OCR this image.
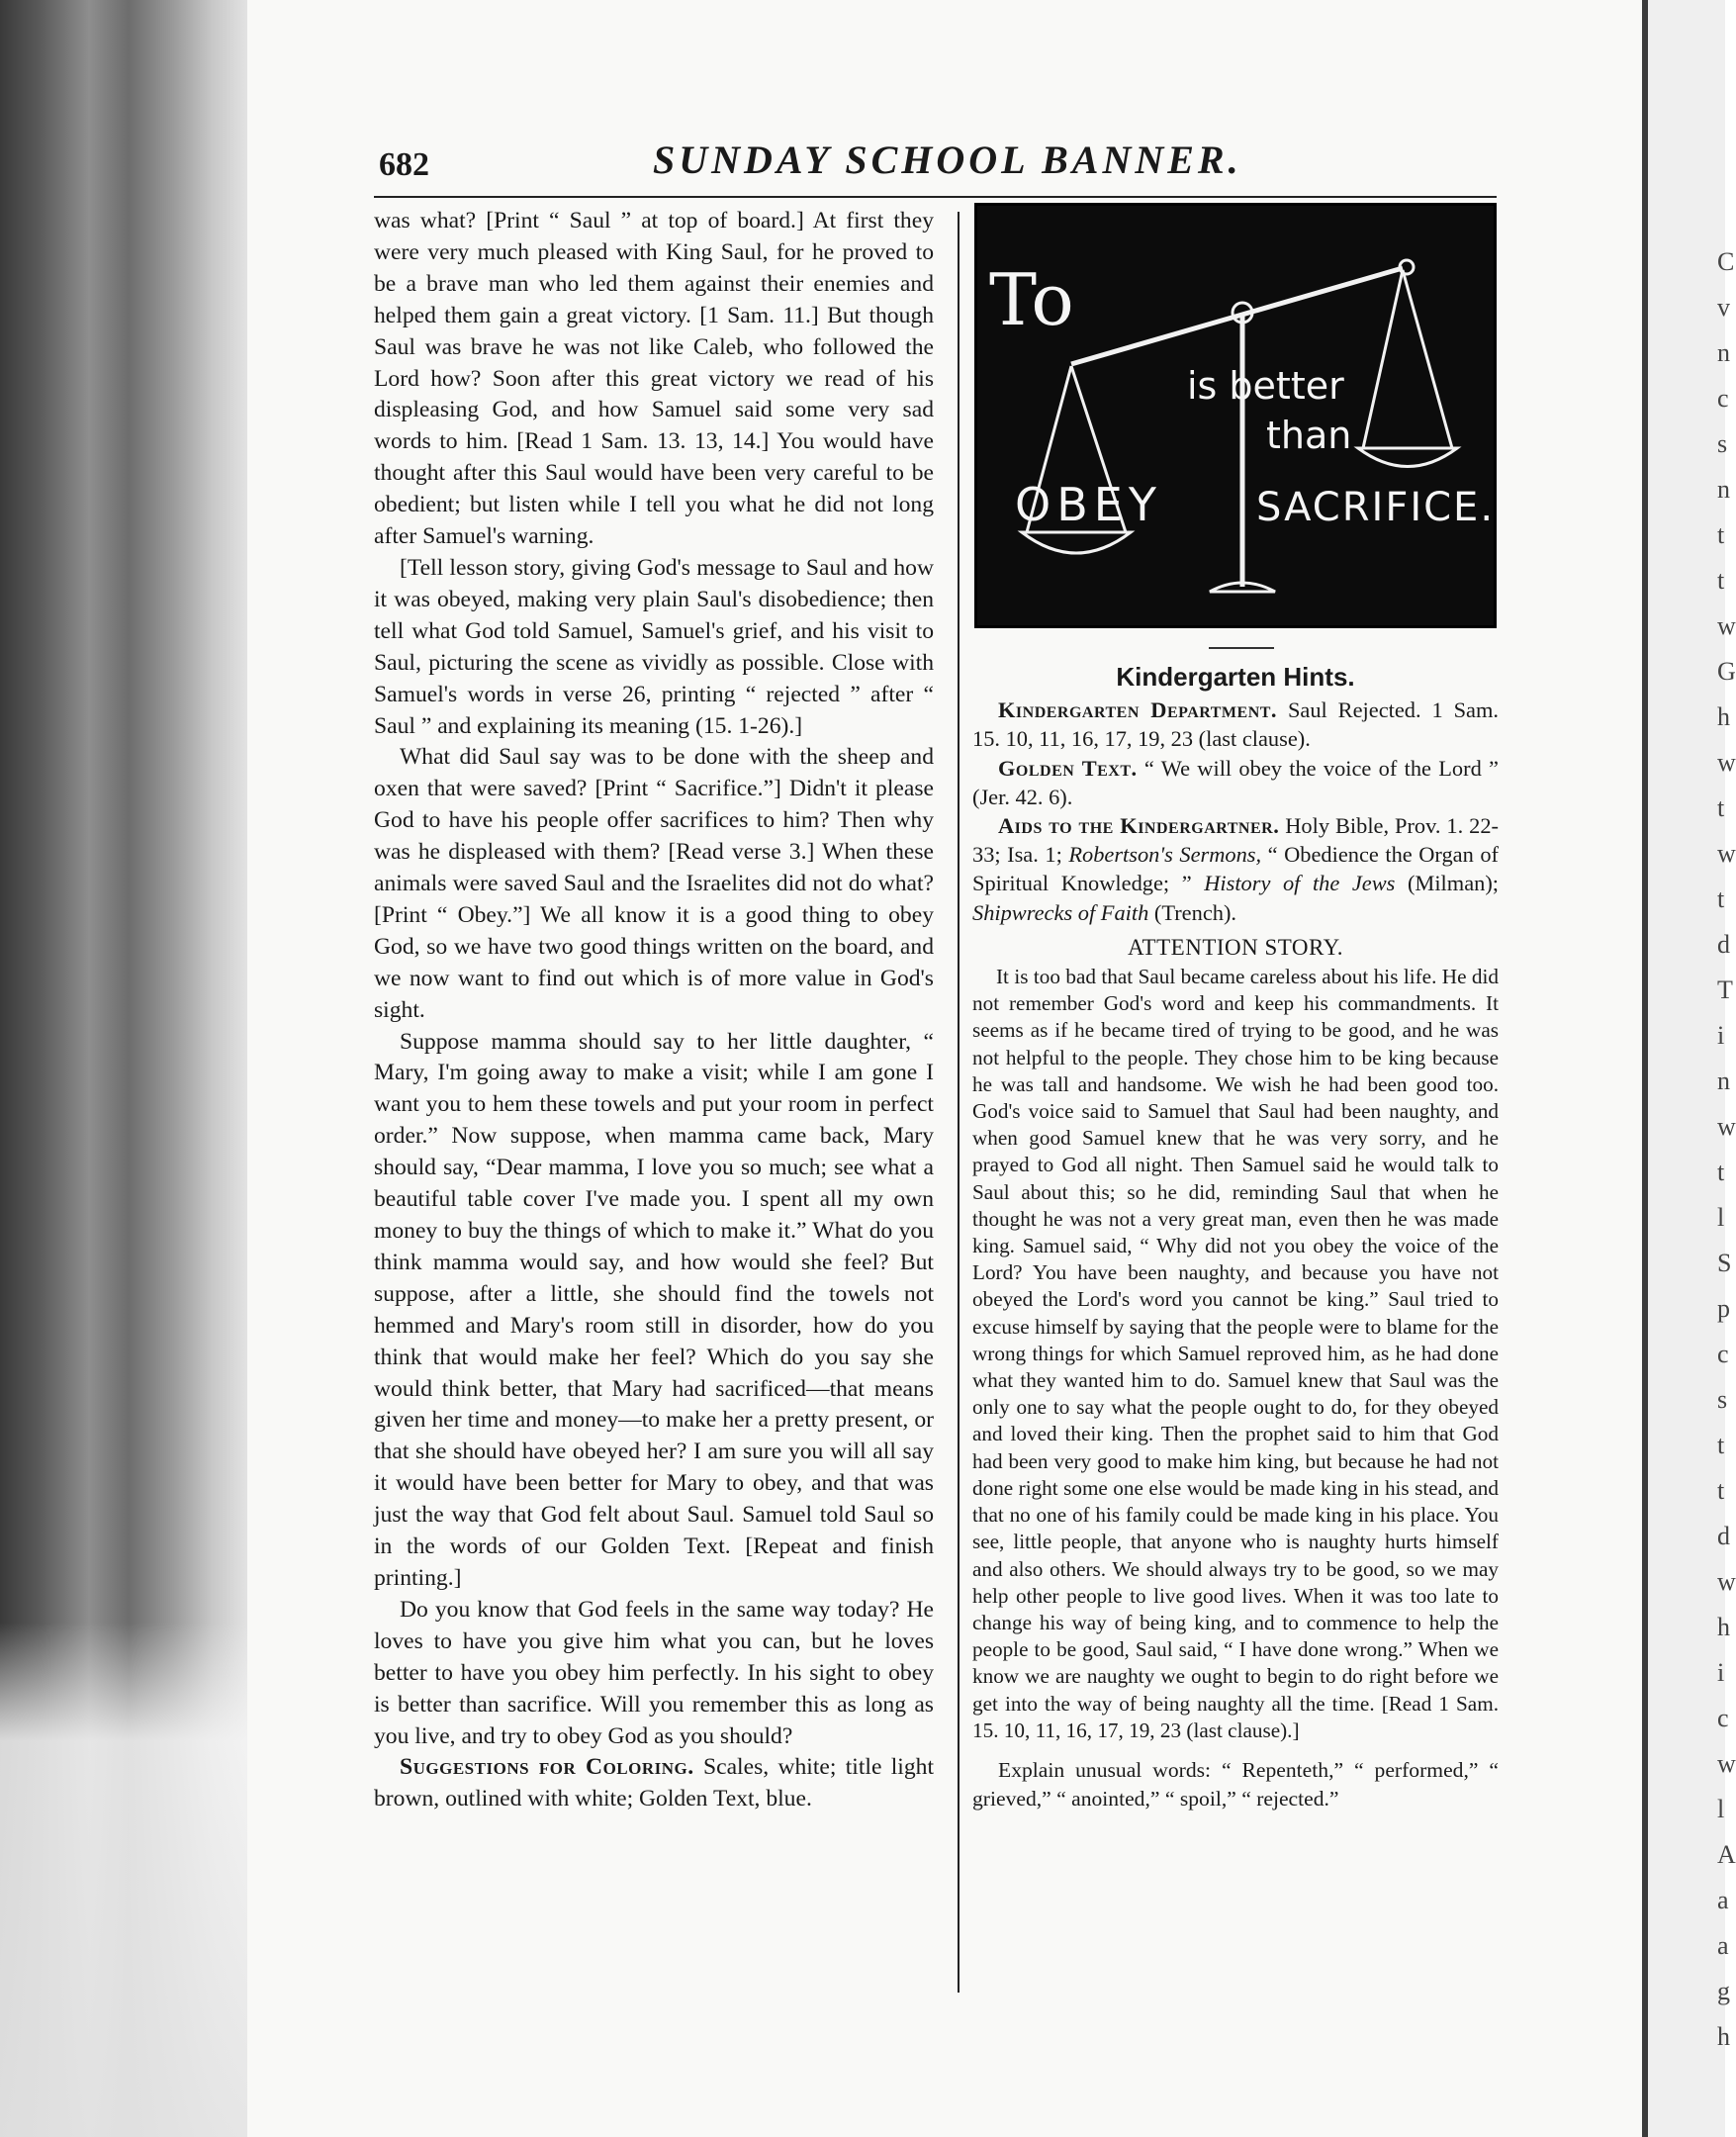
C
v
n
c
s
n
t
t
w
G
h
w
t
w
t
d
T
i
n
w
t
l
S
p
c
s
t
t
d
w
h
i
c
w
l
A
a
a
g
h
682	SUNDAY SCHOOL BANNER.

was what? [Print “ Saul ” at top of board.] At first they were very much pleased with King Saul, for he proved to be a brave man who led them against their enemies and helped them gain a great victory. [1 Sam. 11.] But though Saul was brave he was not like Caleb, who followed the Lord how? Soon after this great victory we read of his displeasing God, and how Samuel said some very sad words to him. [Read 1 Sam. 13. 13, 14.] You would have thought after this Saul would have been very careful to be obedient; but listen while I tell you what he did not long after Samuel's warning.

[Tell lesson story, giving God's message to Saul and how it was obeyed, making very plain Saul's disobedience; then tell what God told Samuel, Samuel's grief, and his visit to Saul, picturing the scene as vividly as possible. Close with Samuel's words in verse 26, printing “ rejected ” after “ Saul ” and explaining its meaning (15. 1-26).]

What did Saul say was to be done with the sheep and oxen that were saved? [Print “ Sacrifice.”] Didn't it please God to have his people offer sacrifices to him? Then why was he displeased with them? [Read verse 3.] When these animals were saved Saul and the Israelites did not do what? [Print “ Obey.”] We all know it is a good thing to obey God, so we have two good things written on the board, and we now want to find out which is of more value in God's sight.

Suppose mamma should say to her little daughter, “ Mary, I'm going away to make a visit; while I am gone I want you to hem these towels and put your room in perfect order.” Now suppose, when mamma came back, Mary should say, “Dear mamma, I love you so much; see what a beautiful table cover I've made you. I spent all my own money to buy the things of which to make it.” What do you think mamma would say, and how would she feel? But suppose, after a little, she should find the towels not hemmed and Mary's room still in disorder, how do you think that would make her feel? Which do you say she would think better, that Mary had sacrificed—that means given her time and money—to make her a pretty present, or that she should have obeyed her? I am sure you will all say it would have been better for Mary to obey, and that was just the way that God felt about Saul. Samuel told Saul so in the words of our Golden Text. [Repeat and finish printing.]

Do you know that God feels in the same way today? He loves to have you give him what you can, but he loves better to have you obey him perfectly. In his sight to obey is better than sacrifice. Will you remember this as long as you live, and try to obey God as you should?

Suggestions for Coloring. Scales, white; title light brown, outlined with white; Golden Text, blue.

To
is better
than
OBEY SACRIFICE.
Kindergarten Hints.

Kindergarten Department. Saul Rejected. 1 Sam. 15. 10, 11, 16, 17, 19, 23 (last clause).

Golden Text. “ We will obey the voice of the Lord ” (Jer. 42. 6).

Aids to the Kindergartner. Holy Bible, Prov. 1. 22-33; Isa. 1; Robertson's Sermons, “ Obedience the Organ of Spiritual Knowledge; ” History of the Jews (Milman); Shipwrecks of Faith (Trench).

ATTENTION STORY.

It is too bad that Saul became careless about his life. He did not remember God's word and keep his commandments. It seems as if he became tired of trying to be good, and he was not helpful to the people. They chose him to be king because he was tall and handsome. We wish he had been good too. God's voice said to Samuel that Saul had been naughty, and when good Samuel knew that he was very sorry, and he prayed to God all night. Then Samuel said he would talk to Saul about this; so he did, reminding Saul that when he thought he was not a very great man, even then he was made king. Samuel said, “ Why did not you obey the voice of the Lord? You have been naughty, and because you have not obeyed the Lord's word you cannot be king.” Saul tried to excuse himself by saying that the people were to blame for the wrong things for which Samuel reproved him, as he had done what they wanted him to do. Samuel knew that Saul was the only one to say what the people ought to do, for they obeyed and loved their king. Then the prophet said to him that God had been very good to make him king, but because he had not done right some one else would be made king in his stead, and that no one of his family could be made king in his place. You see, little people, that anyone who is naughty hurts himself and also others. We should always try to be good, so we may help other people to live good lives. When it was too late to change his way of being king, and to commence to help the people to be good, Saul said, “ I have done wrong.” When we know we are naughty we ought to begin to do right before we get into the way of being naughty all the time. [Read 1 Sam. 15. 10, 11, 16, 17, 19, 23 (last clause).]

Explain unusual words: “ Repenteth,” “ performed,” “ grieved,” “ anointed,” “ spoil,” “ rejected.”
